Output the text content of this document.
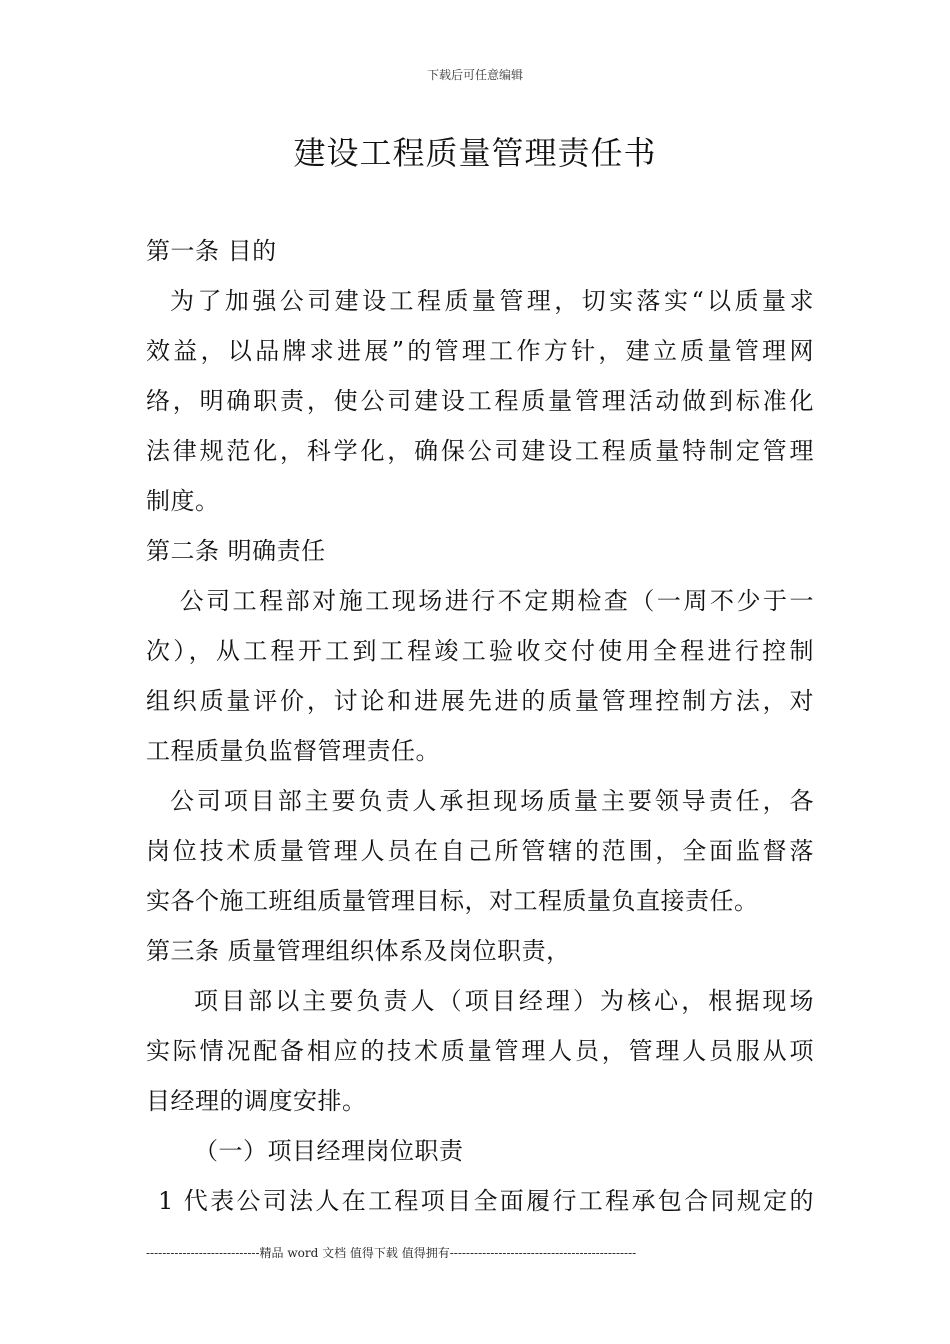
下载后可任意编辑
建设工程质量管理责任书
第一条 目的
为了加强公司建设工程质量管理，切实落实“以质量求
效益，以品牌求进展”的管理工作方针，建立质量管理网
络，明确职责，使公司建设工程质量管理活动做到标准化
法律规范化，科学化，确保公司建设工程质量特制定管理
制度。
第二条 明确责任
公司工程部对施工现场进行不定期检查（一周不少于一
次），从工程开工到工程竣工验收交付使用全程进行控制
组织质量评价，讨论和进展先进的质量管理控制方法，对
工程质量负监督管理责任。
公司项目部主要负责人承担现场质量主要领导责任，各
岗位技术质量管理人员在自己所管辖的范围，全面监督落
实各个施工班组质量管理目标，对工程质量负直接责任。
第三条 质量管理组织体系及岗位职责，
项目部以主要负责人（项目经理）为核心，根据现场
实际情况配备相应的技术质量管理人员，管理人员服从项
目经理的调度安排。
（一）项目经理岗位职责
1 代表公司法人在工程项目全面履行工程承包合同规定的
----------------------------精品 word 文档 值得下载 值得拥有----------------------------------------------
